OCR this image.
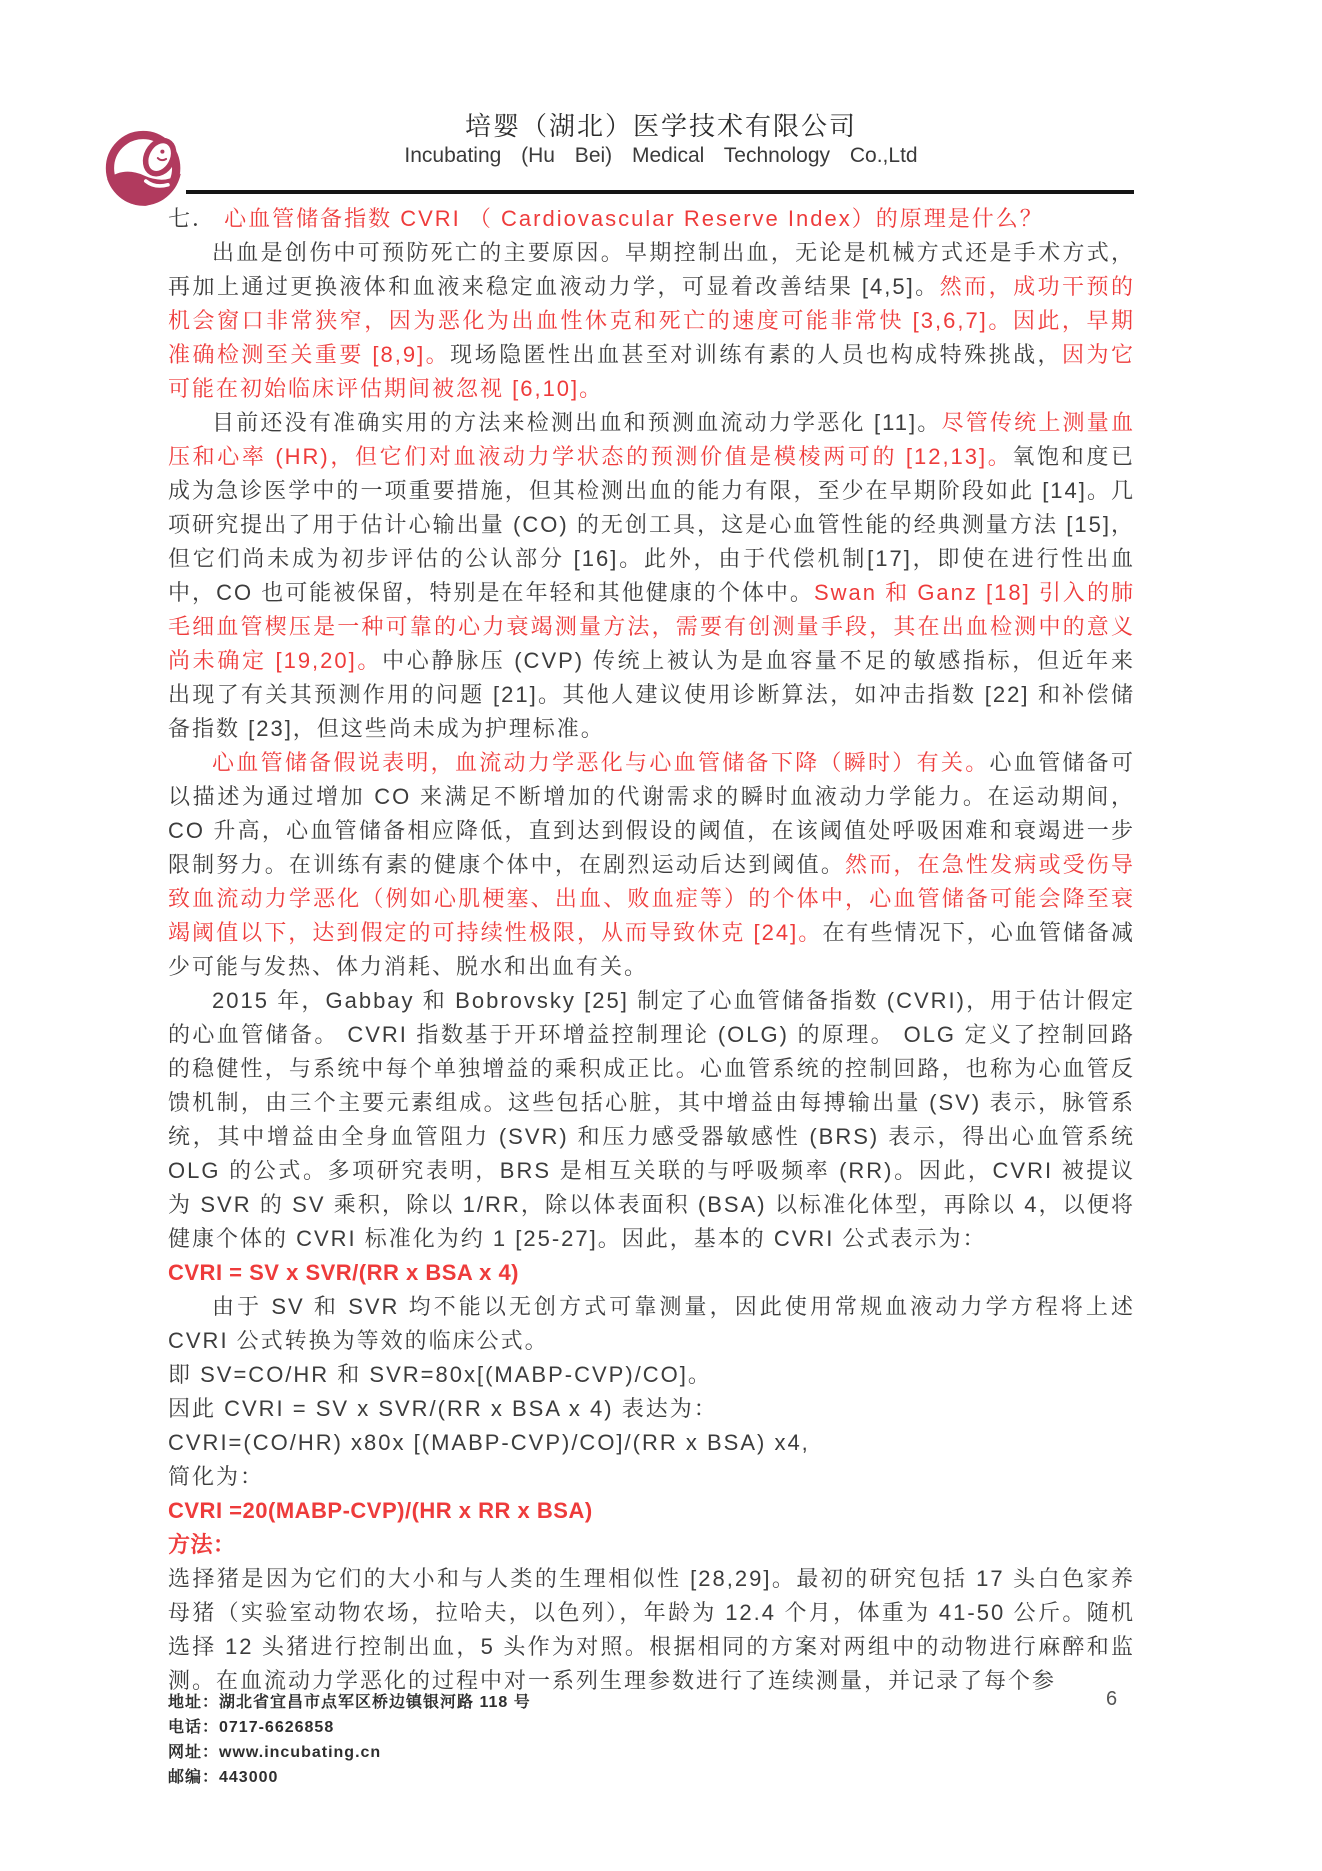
培婴（湖北）医学技术有限公司
Incubating (Hu Bei) Medical Technology Co.,Ltd

七． 心血管储备指数 CVRI （ Cardiovascular Reserve Index）的原理是什么？

出血是创伤中可预防死亡的主要原因。早期控制出血，无论是机械方式还是手术方式，再加上通过更换液体和血液来稳定血液动力学，可显着改善结果 [4,5]。然而，成功干预的机会窗口非常狭窄，因为恶化为出血性休克和死亡的速度可能非常快 [3,6,7]。因此，早期准确检测至关重要 [8,9]。现场隐匿性出血甚至对训练有素的人员也构成特殊挑战，因为它可能在初始临床评估期间被忽视 [6,10]。

目前还没有准确实用的方法来检测出血和预测血流动力学恶化 [11]。尽管传统上测量血压和心率 (HR)，但它们对血液动力学状态的预测价值是模棱两可的 [12,13]。氧饱和度已成为急诊医学中的一项重要措施，但其检测出血的能力有限，至少在早期阶段如此 [14]。几项研究提出了用于估计心输出量 (CO) 的无创工具，这是心血管性能的经典测量方法 [15]，但它们尚未成为初步评估的公认部分 [16]。此外，由于代偿机制[17]，即使在进行性出血中，CO 也可能被保留，特别是在年轻和其他健康的个体中。Swan 和 Ganz [18] 引入的肺毛细血管楔压是一种可靠的心力衰竭测量方法，需要有创测量手段，其在出血检测中的意义尚未确定 [19,20]。中心静脉压 (CVP) 传统上被认为是血容量不足的敏感指标，但近年来出现了有关其预测作用的问题 [21]。其他人建议使用诊断算法，如冲击指数 [22] 和补偿储备指数 [23]，但这些尚未成为护理标准。

心血管储备假说表明，血流动力学恶化与心血管储备下降（瞬时）有关。心血管储备可以描述为通过增加 CO 来满足不断增加的代谢需求的瞬时血液动力学能力。在运动期间，CO 升高，心血管储备相应降低，直到达到假设的阈值，在该阈值处呼吸困难和衰竭进一步限制努力。在训练有素的健康个体中，在剧烈运动后达到阈值。然而，在急性发病或受伤导致血流动力学恶化（例如心肌梗塞、出血、败血症等）的个体中，心血管储备可能会降至衰竭阈值以下，达到假定的可持续性极限，从而导致休克 [24]。在有些情况下，心血管储备减少可能与发热、体力消耗、脱水和出血有关。

2015 年，Gabbay 和 Bobrovsky [25] 制定了心血管储备指数 (CVRI)，用于估计假定的心血管储备。 CVRI 指数基于开环增益控制理论 (OLG) 的原理。 OLG 定义了控制回路的稳健性，与系统中每个单独增益的乘积成正比。心血管系统的控制回路，也称为心血管反馈机制，由三个主要元素组成。这些包括心脏，其中增益由每搏输出量 (SV) 表示，脉管系统，其中增益由全身血管阻力 (SVR) 和压力感受器敏感性 (BRS) 表示，得出心血管系统 OLG 的公式。多项研究表明，BRS 是相互关联的与呼吸频率 (RR)。因此，CVRI 被提议为 SVR 的 SV 乘积，除以 1/RR，除以体表面积 (BSA) 以标准化体型，再除以 4，以便将健康个体的 CVRI 标准化为约 1 [25-27]。因此，基本的 CVRI 公式表示为：

CVRI = SV x SVR/(RR x BSA x 4)

由于 SV 和 SVR 均不能以无创方式可靠测量，因此使用常规血液动力学方程将上述 CVRI 公式转换为等效的临床公式。

即 SV=CO/HR 和 SVR=80x[(MABP-CVP)/CO]。

因此 CVRI = SV x SVR/(RR x BSA x 4) 表达为：

CVRI=(CO/HR) x80x [(MABP-CVP)/CO]/(RR x BSA) x4,

简化为：

CVRI =20(MABP-CVP)/(HR x RR x BSA)

方法：

选择猪是因为它们的大小和与人类的生理相似性 [28,29]。最初的研究包括 17 头白色家养母猪（实验室动物农场，拉哈夫，以色列），年龄为 12.4 个月，体重为 41-50 公斤。随机选择 12 头猪进行控制出血，5 头作为对照。根据相同的方案对两组中的动物进行麻醉和监测。在血流动力学恶化的过程中对一系列生理参数进行了连续测量，并记录了每个参

地址：湖北省宜昌市点军区桥边镇银河路 118 号
电话：0717-6626858
网址：www.incubating.cn
邮编：443000
6
